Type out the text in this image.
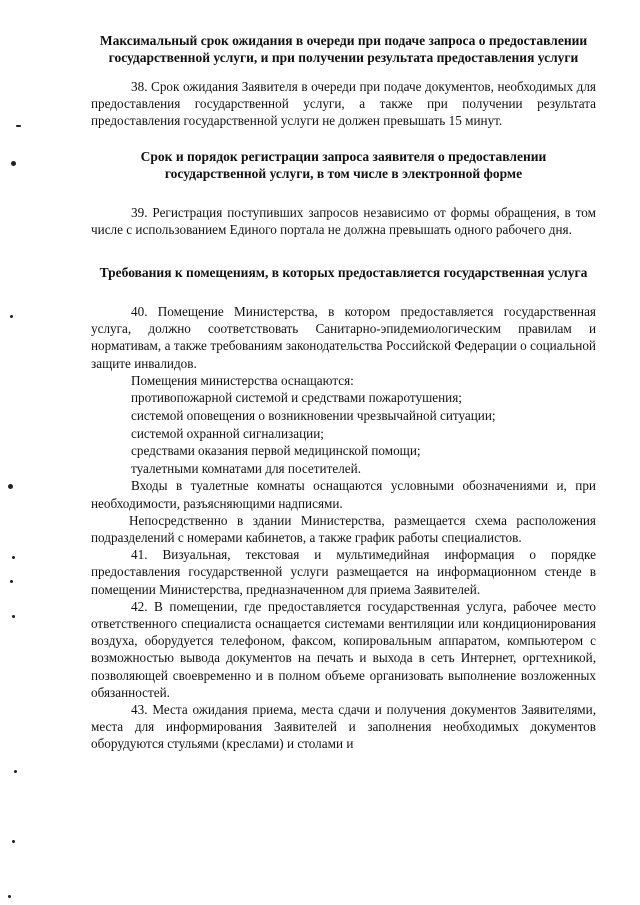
Максимальный срок ожидания в очереди при подаче запроса о предоставлении государственной услуги, и при получении результата предоставления услуги

38. Срок ожидания Заявителя в очереди при подаче документов, необходимых для предоставления государственной услуги, а также при получении результата предоставления государственной услуги не должен превышать 15 минут.

Срок и порядок регистрации запроса заявителя о предоставлении государственной услуги, в том числе в электронной форме

39. Регистрация поступивших запросов независимо от формы обращения, в том числе с использованием Единого портала не должна превышать одного рабочего дня.

Требования к помещениям, в которых предоставляется государственная услуга

40. Помещение Министерства, в котором предоставляется государственная услуга, должно соответствовать Санитарно-эпидемиологическим правилам и нормативам, а также требованиям законодательства Российской Федерации о социальной защите инвалидов.

Помещения министерства оснащаются:

противопожарной системой и средствами пожаротушения;

системой оповещения о возникновении чрезвычайной ситуации;

системой охранной сигнализации;

средствами оказания первой медицинской помощи;

туалетными комнатами для посетителей.

Входы в туалетные комнаты оснащаются условными обозначениями и, при необходимости, разъясняющими надписями.

Непосредственно в здании Министерства, размещается схема расположения подразделений с номерами кабинетов, а также график работы специалистов.

41. Визуальная, текстовая и мультимедийная информация о порядке предоставления государственной услуги размещается на информационном стенде в помещении Министерства, предназначенном для приема Заявителей.

42. В помещении, где предоставляется государственная услуга, рабочее место ответственного специалиста оснащается системами вентиляции или кондиционирования воздуха, оборудуется телефоном, факсом, копировальным аппаратом, компьютером с возможностью вывода документов на печать и выхода в сеть Интернет, оргтехникой, позволяющей своевременно и в полном объеме организовать выполнение возложенных обязанностей.

43. Места ожидания приема, места сдачи и получения документов Заявителями, места для информирования Заявителей и заполнения необходимых документов оборудуются стульями (креслами) и столами и
